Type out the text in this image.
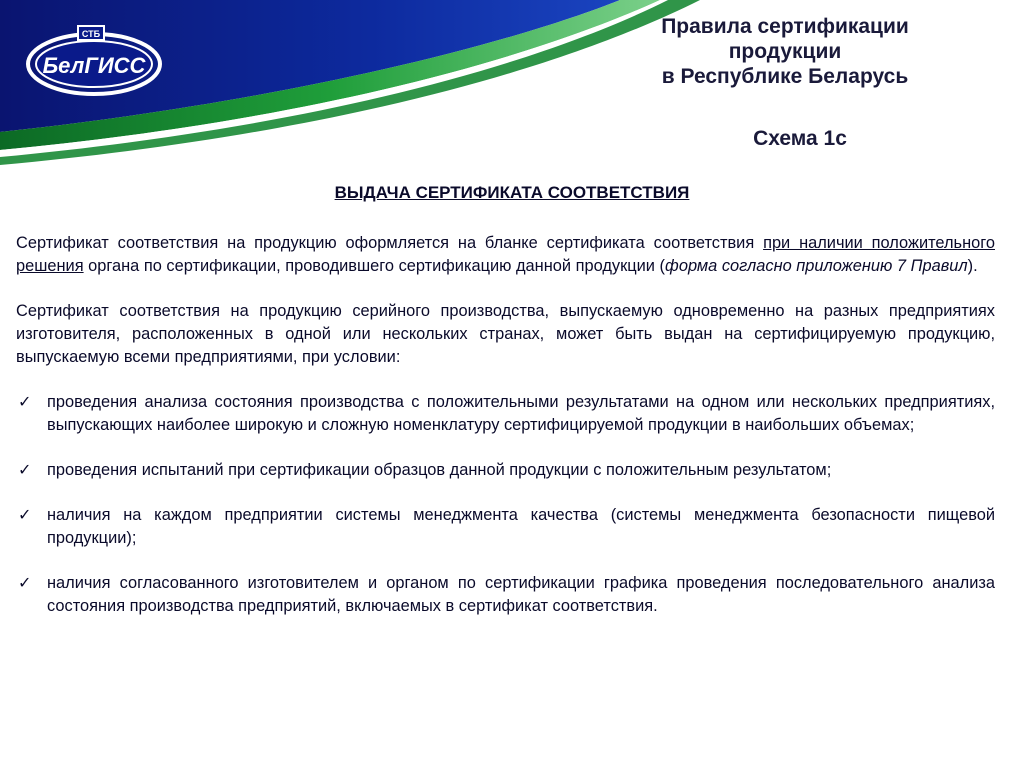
БелГИСС
СТБ	Правила сертификации
продукции
в Республике Беларусь
Схема 1с
ВЫДАЧА СЕРТИФИКАТА СООТВЕТСТВИЯ

Сертификат соответствия на продукцию оформляется на бланке сертификата соответствия при наличии положительного решения органа по сертификации, проводившего сертификацию данной продукции (форма согласно приложению 7 Правил).

Сертификат соответствия на продукцию серийного производства, выпускаемую одновременно на разных предприятиях изготовителя, расположенных в одной или нескольких странах, может быть выдан на сертифицируемую продукцию, выпускаемую всеми предприятиями, при условии:

✓ проведения анализа состояния производства с положительными результатами на одном или нескольких предприятиях, выпускающих наиболее широкую и сложную номенклатуру сертифицируемой продукции в наибольших объемах;
✓ проведения испытаний при сертификации образцов данной продукции с положительным результатом;
✓ наличия на каждом предприятии системы менеджмента качества (системы менеджмента безопасности пищевой продукции);
✓ наличия согласованного изготовителем и органом по сертификации графика проведения последовательного анализа состояния производства предприятий, включаемых в сертификат соответствия.
